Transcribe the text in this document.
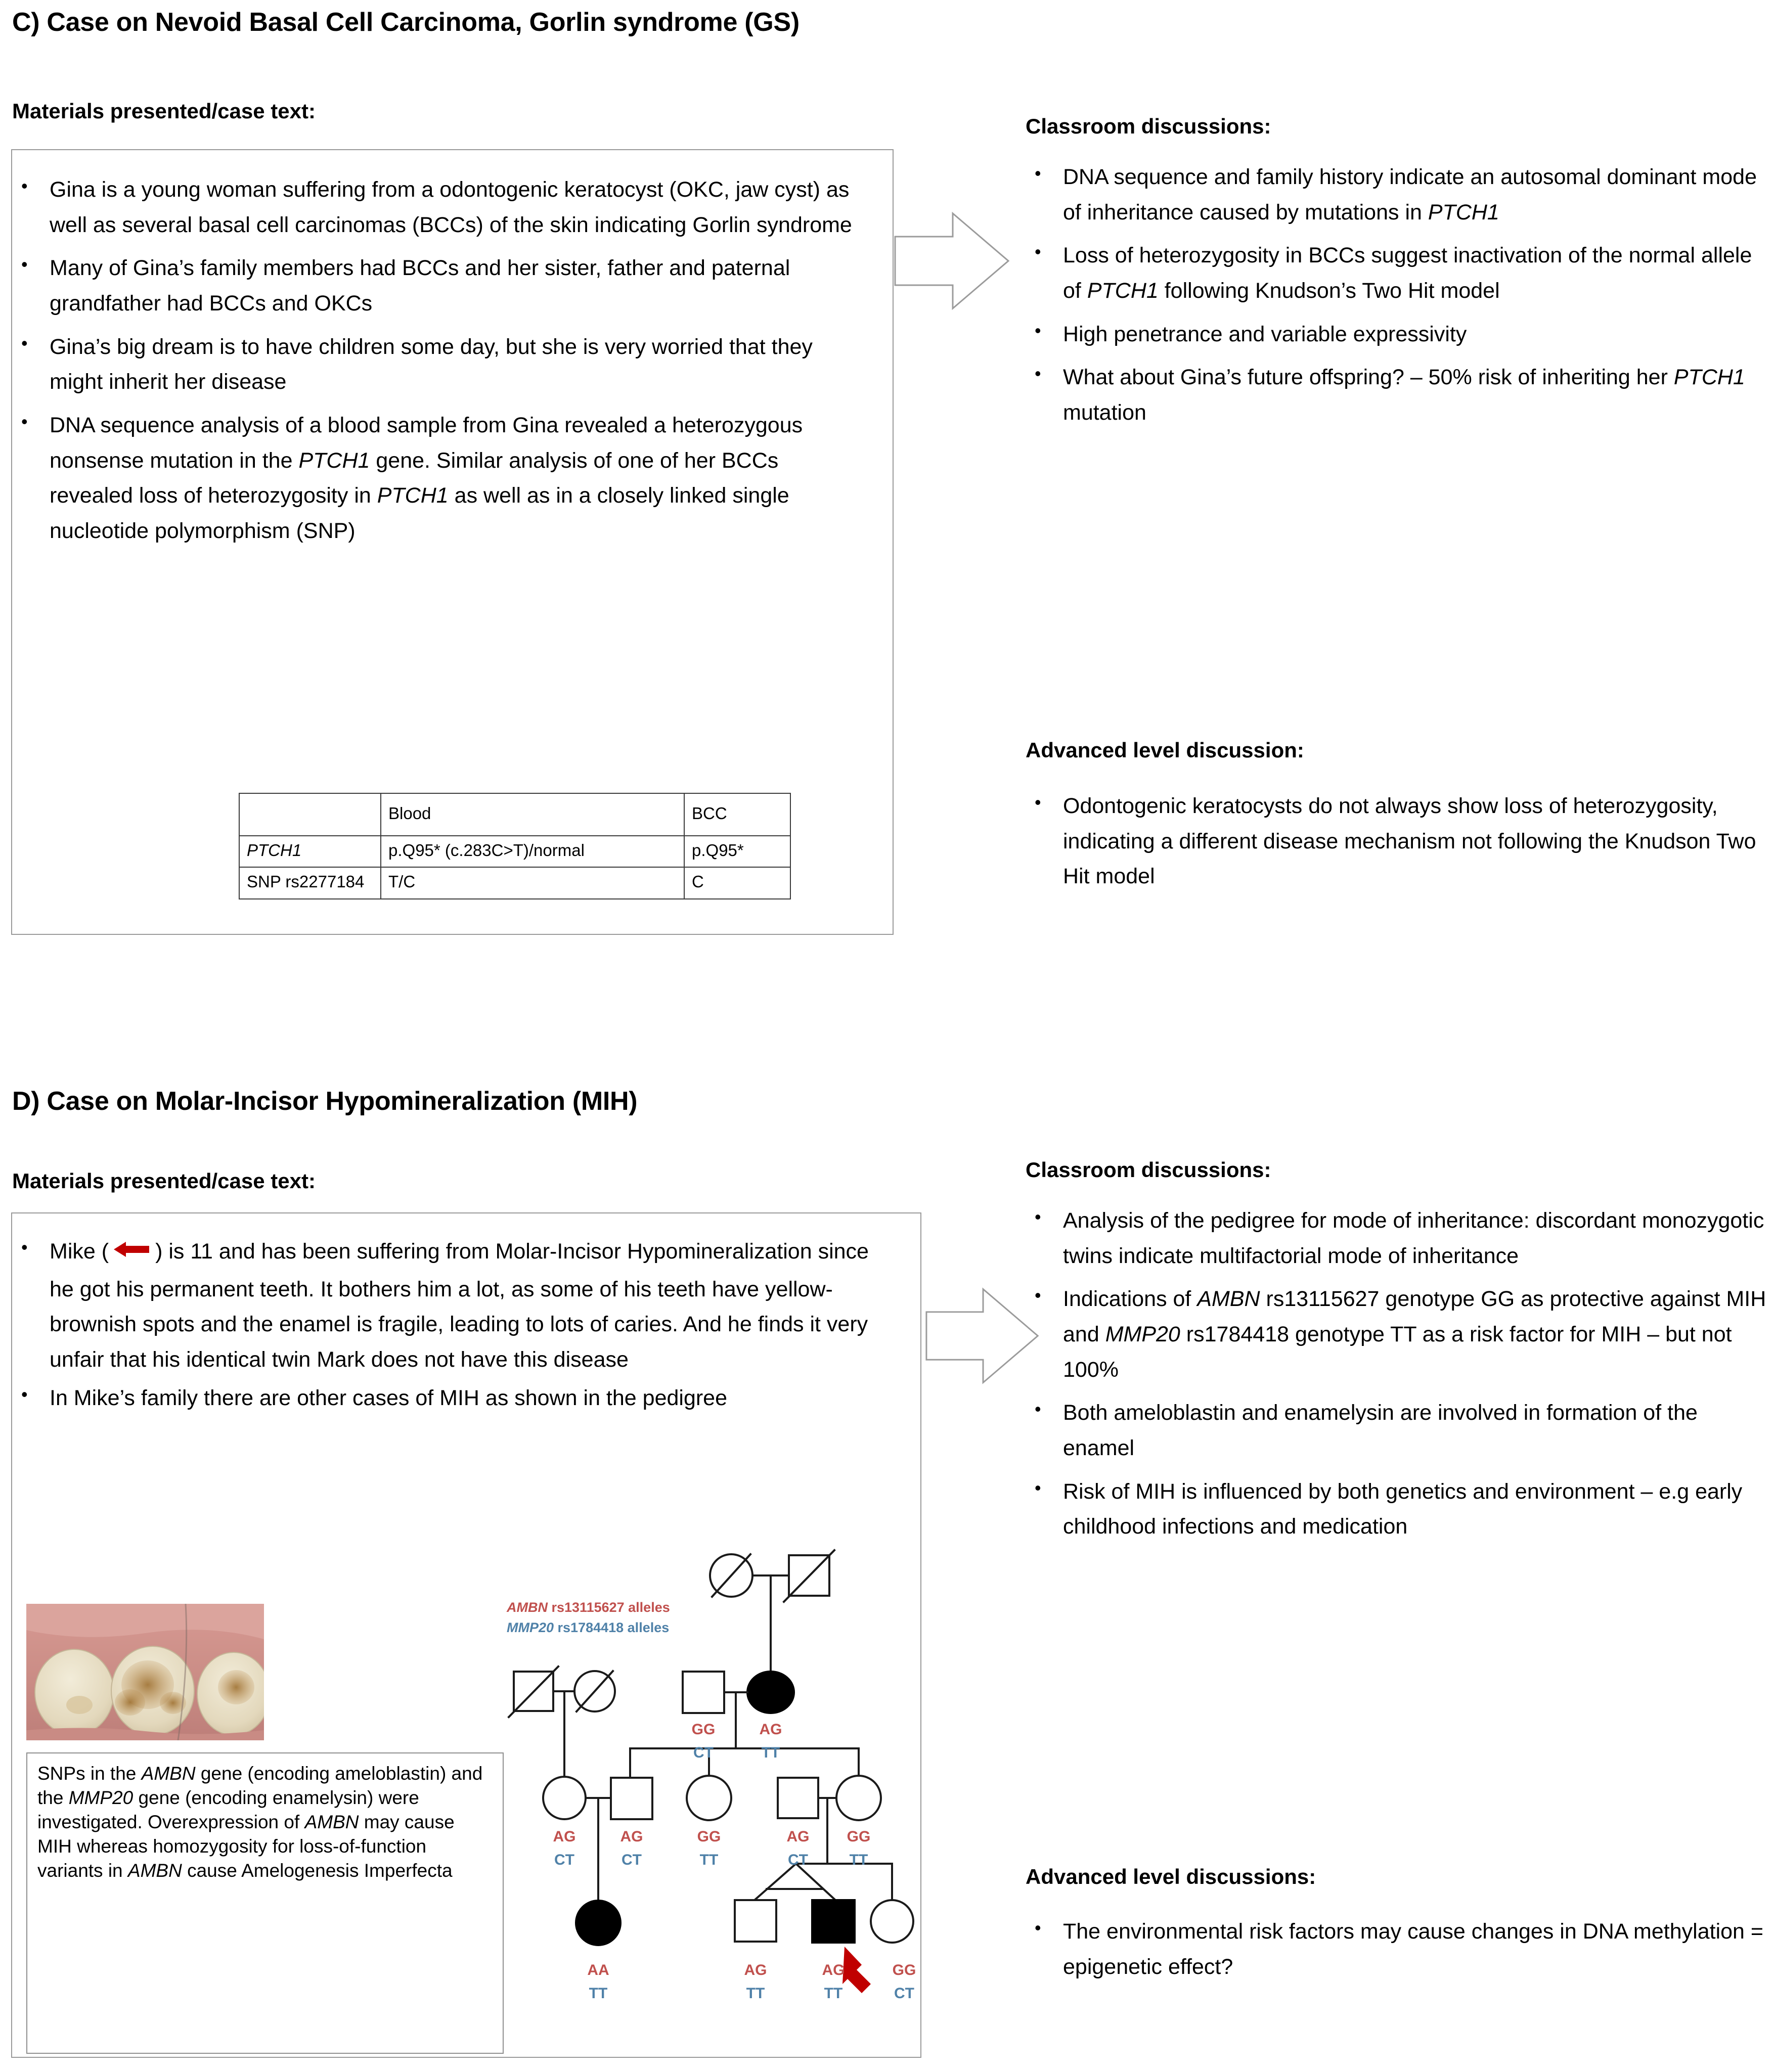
C) Case on Nevoid Basal Cell Carcinoma, Gorlin syndrome (GS)
Materials presented/case text:
• Gina is a young woman suffering from a odontogenic keratocyst (OKC, jaw cyst) as well as several basal cell carcinomas (BCCs) of the skin indicating Gorlin syndrome
• Many of Gina’s family members had BCCs and her sister, father and paternal grandfather had BCCs and OKCs
• Gina’s big dream is to have children some day, but she is very worried that they might inherit her disease
• DNA sequence analysis of a blood sample from Gina revealed a heterozygous nonsense mutation in the PTCH1 gene. Similar analysis of one of her BCCs revealed loss of heterozygosity in PTCH1 as well as in a closely linked single nucleotide polymorphism (SNP)
	Blood	BCC
PTCH1	p.Q95* (c.283C>T)/normal	p.Q95*
SNP rs2277184	T/C	C
Classroom discussions:
• DNA sequence and family history indicate an autosomal dominant mode of inheritance caused by mutations in PTCH1
• Loss of heterozygosity in BCCs suggest inactivation of the normal allele of PTCH1 following Knudson’s Two Hit model
• High penetrance and variable expressivity
• What about Gina’s future offspring? – 50% risk of inheriting her PTCH1 mutation
Advanced level discussion:
• Odontogenic keratocysts do not always show loss of heterozygosity, indicating a different disease mechanism not following the Knudson Two Hit model
D) Case on Molar-Incisor Hypomineralization (MIH)
Materials presented/case text:
• Mike ( ) is 11 and has been suffering from Molar-Incisor Hypomineralization since he got his permanent teeth. It bothers him a lot, as some of his teeth have yellow-brownish spots and the enamel is fragile, leading to lots of caries. And he finds it very unfair that his identical twin Mark does not have this disease
• In Mike’s family there are other cases of MIH as shown in the pedigree
SNPs in the AMBN gene (encoding ameloblastin) and the MMP20 gene (encoding enamelysin) were investigated. Overexpression of AMBN may cause MIH whereas homozygosity for loss-of-function variants in AMBN cause Amelogenesis Imperfecta
AMBN rs13115627 alleles
MMP20 rs1784418 alleles
GG
CT
AG
TT
AG
CT
AG
CT
GG
TT
AG
CT
GG
TT
AA
TT
AG
TT
AG
TT
GG
CT
Classroom discussions:
• Analysis of the pedigree for mode of inheritance: discordant monozygotic twins indicate multifactorial mode of inheritance
• Indications of AMBN rs13115627 genotype GG as protective against MIH and MMP20 rs1784418 genotype TT as a risk factor for MIH – but not 100%
• Both ameloblastin and enamelysin are involved in formation of the enamel
• Risk of MIH is influenced by both genetics and environment – e.g early childhood infections and medication
Advanced level discussions:
• The environmental risk factors may cause changes in DNA methylation = epigenetic effect?
